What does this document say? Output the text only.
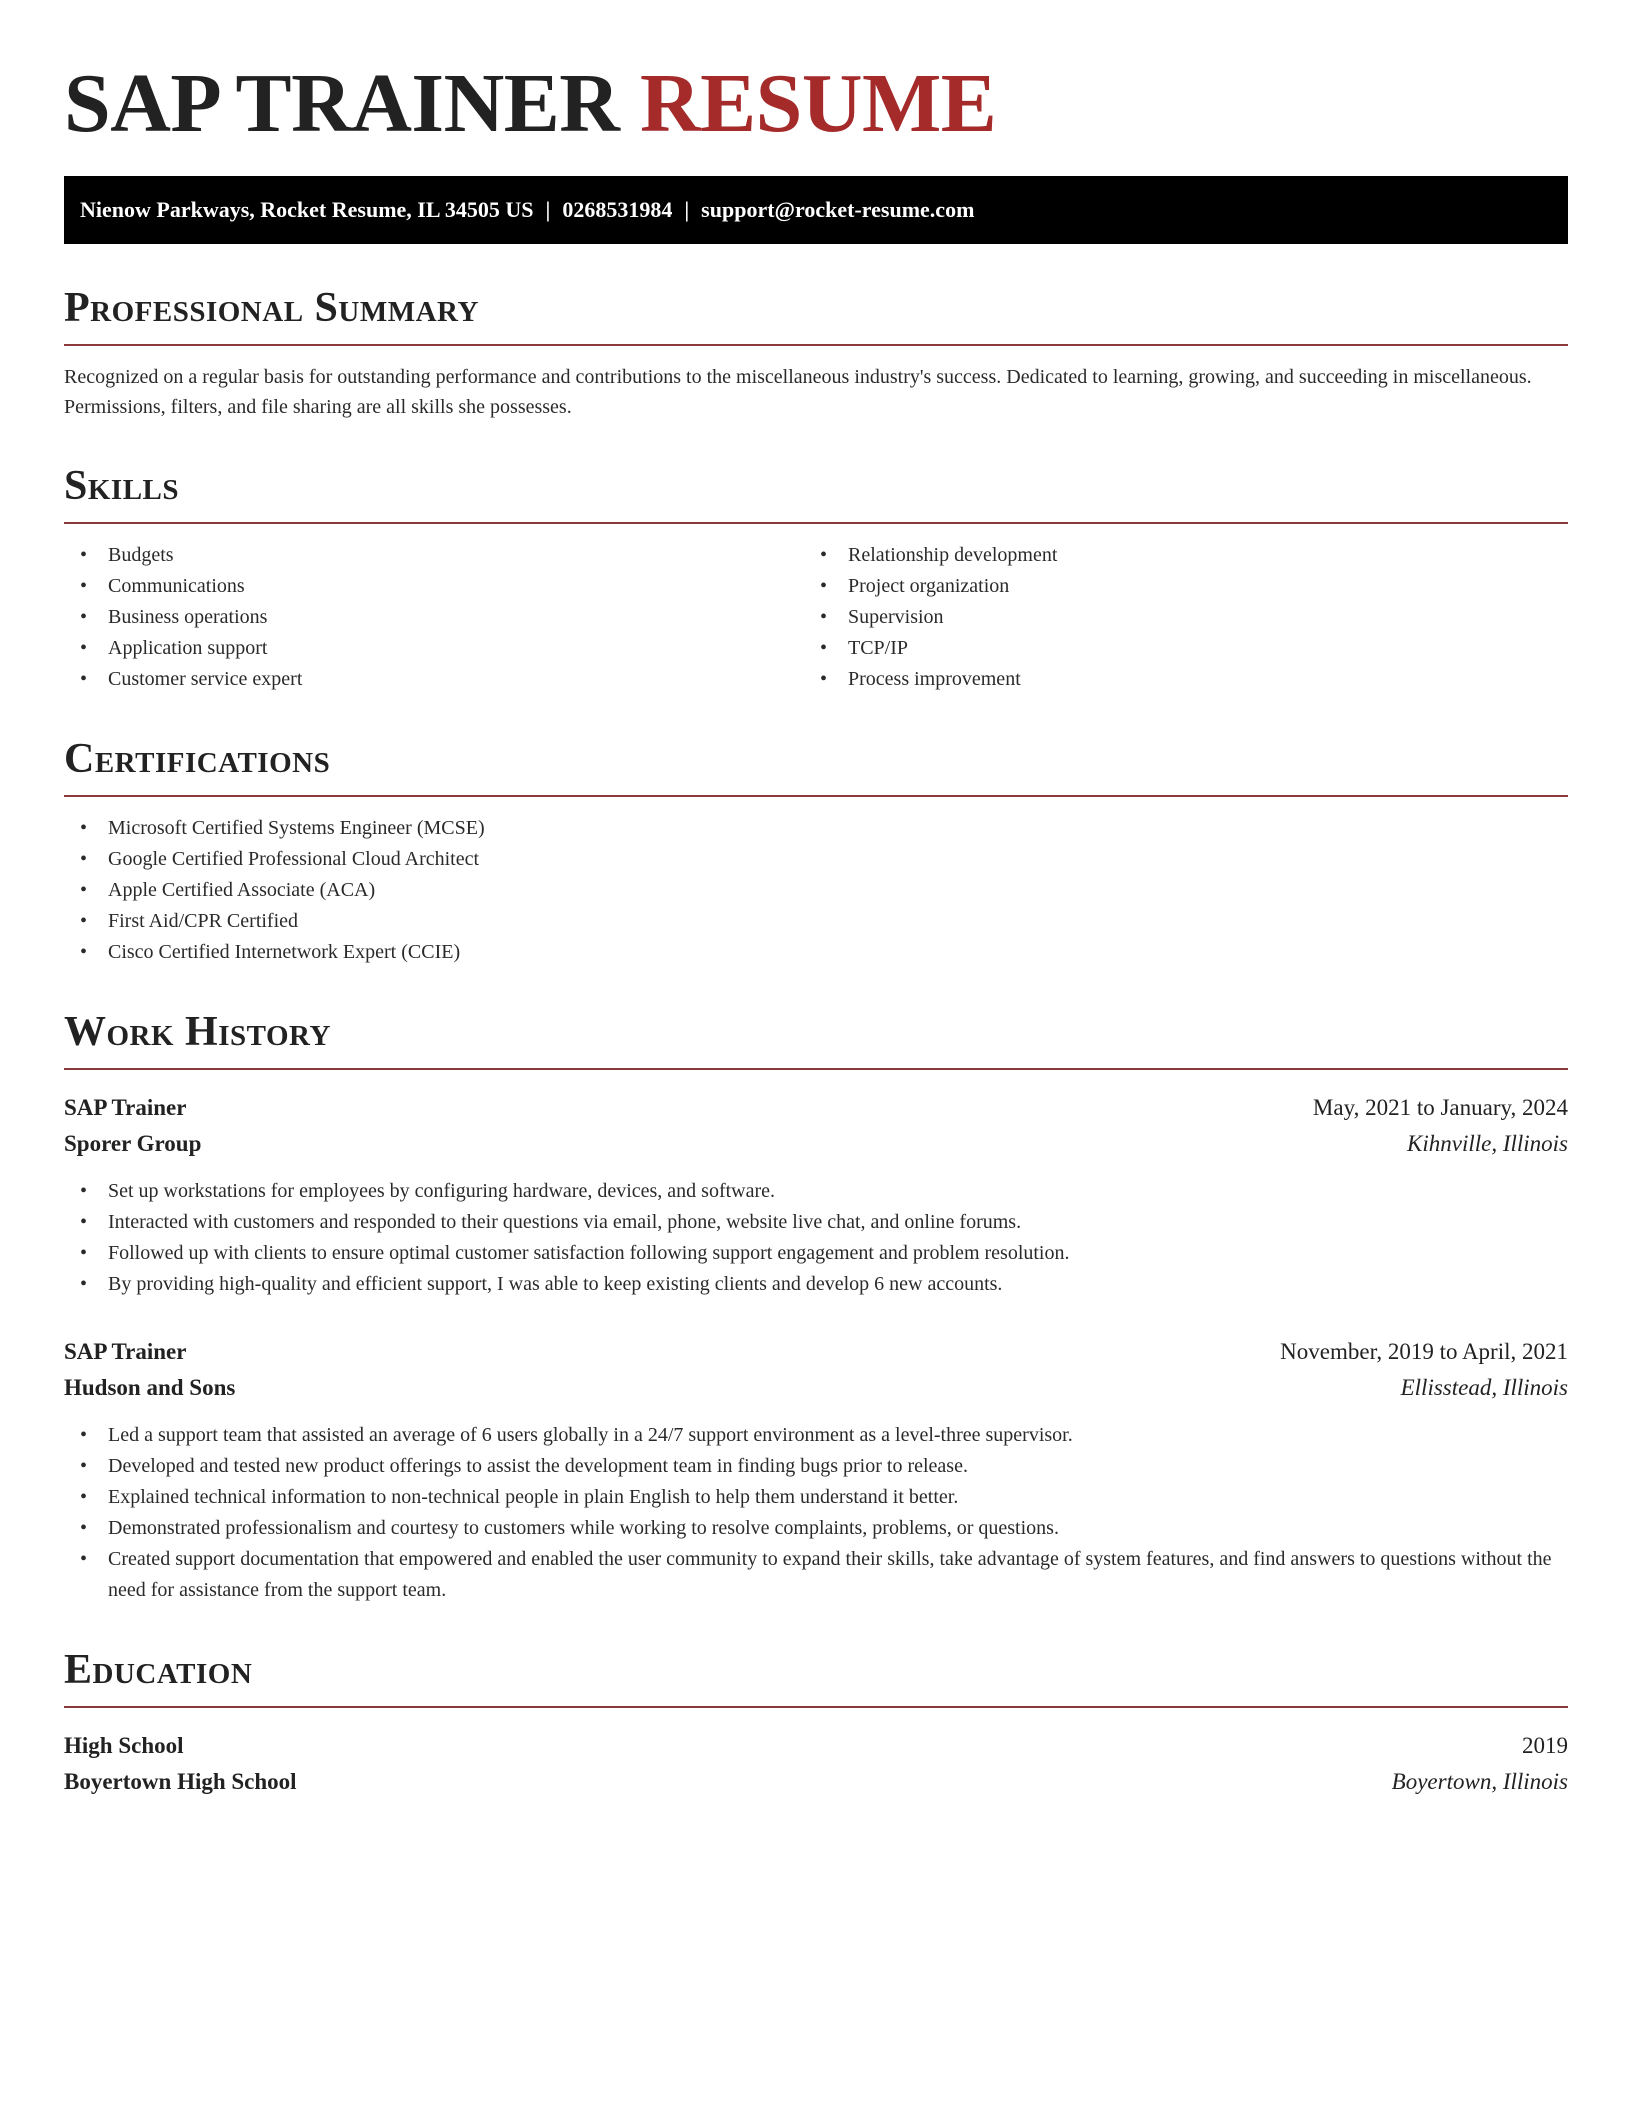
SAP TRAINER RESUME
Nienow Parkways, Rocket Resume, IL 34505 US | 0268531984 | support@rocket-resume.com
Professional Summary
Recognized on a regular basis for outstanding performance and contributions to the miscellaneous industry's success. Dedicated to learning, growing, and succeeding in miscellaneous. Permissions, filters, and file sharing are all skills she possesses.
Skills
• Budgets
• Communications
• Business operations
• Application support
• Customer service expert
• Relationship development
• Project organization
• Supervision
• TCP/IP
• Process improvement
Certifications
• Microsoft Certified Systems Engineer (MCSE)
• Google Certified Professional Cloud Architect
• Apple Certified Associate (ACA)
• First Aid/CPR Certified
• Cisco Certified Internetwork Expert (CCIE)
Work History
SAP Trainer	May, 2021 to January, 2024
Sporer Group	Kihnville, Illinois
• Set up workstations for employees by configuring hardware, devices, and software.
• Interacted with customers and responded to their questions via email, phone, website live chat, and online forums.
• Followed up with clients to ensure optimal customer satisfaction following support engagement and problem resolution.
• By providing high-quality and efficient support, I was able to keep existing clients and develop 6 new accounts.
SAP Trainer	November, 2019 to April, 2021
Hudson and Sons	Ellisstead, Illinois
• Led a support team that assisted an average of 6 users globally in a 24/7 support environment as a level-three supervisor.
• Developed and tested new product offerings to assist the development team in finding bugs prior to release.
• Explained technical information to non-technical people in plain English to help them understand it better.
• Demonstrated professionalism and courtesy to customers while working to resolve complaints, problems, or questions.
• Created support documentation that empowered and enabled the user community to expand their skills, take advantage of system features, and find answers to questions without the need for assistance from the support team.
Education
High School	2019
Boyertown High School	Boyertown, Illinois
